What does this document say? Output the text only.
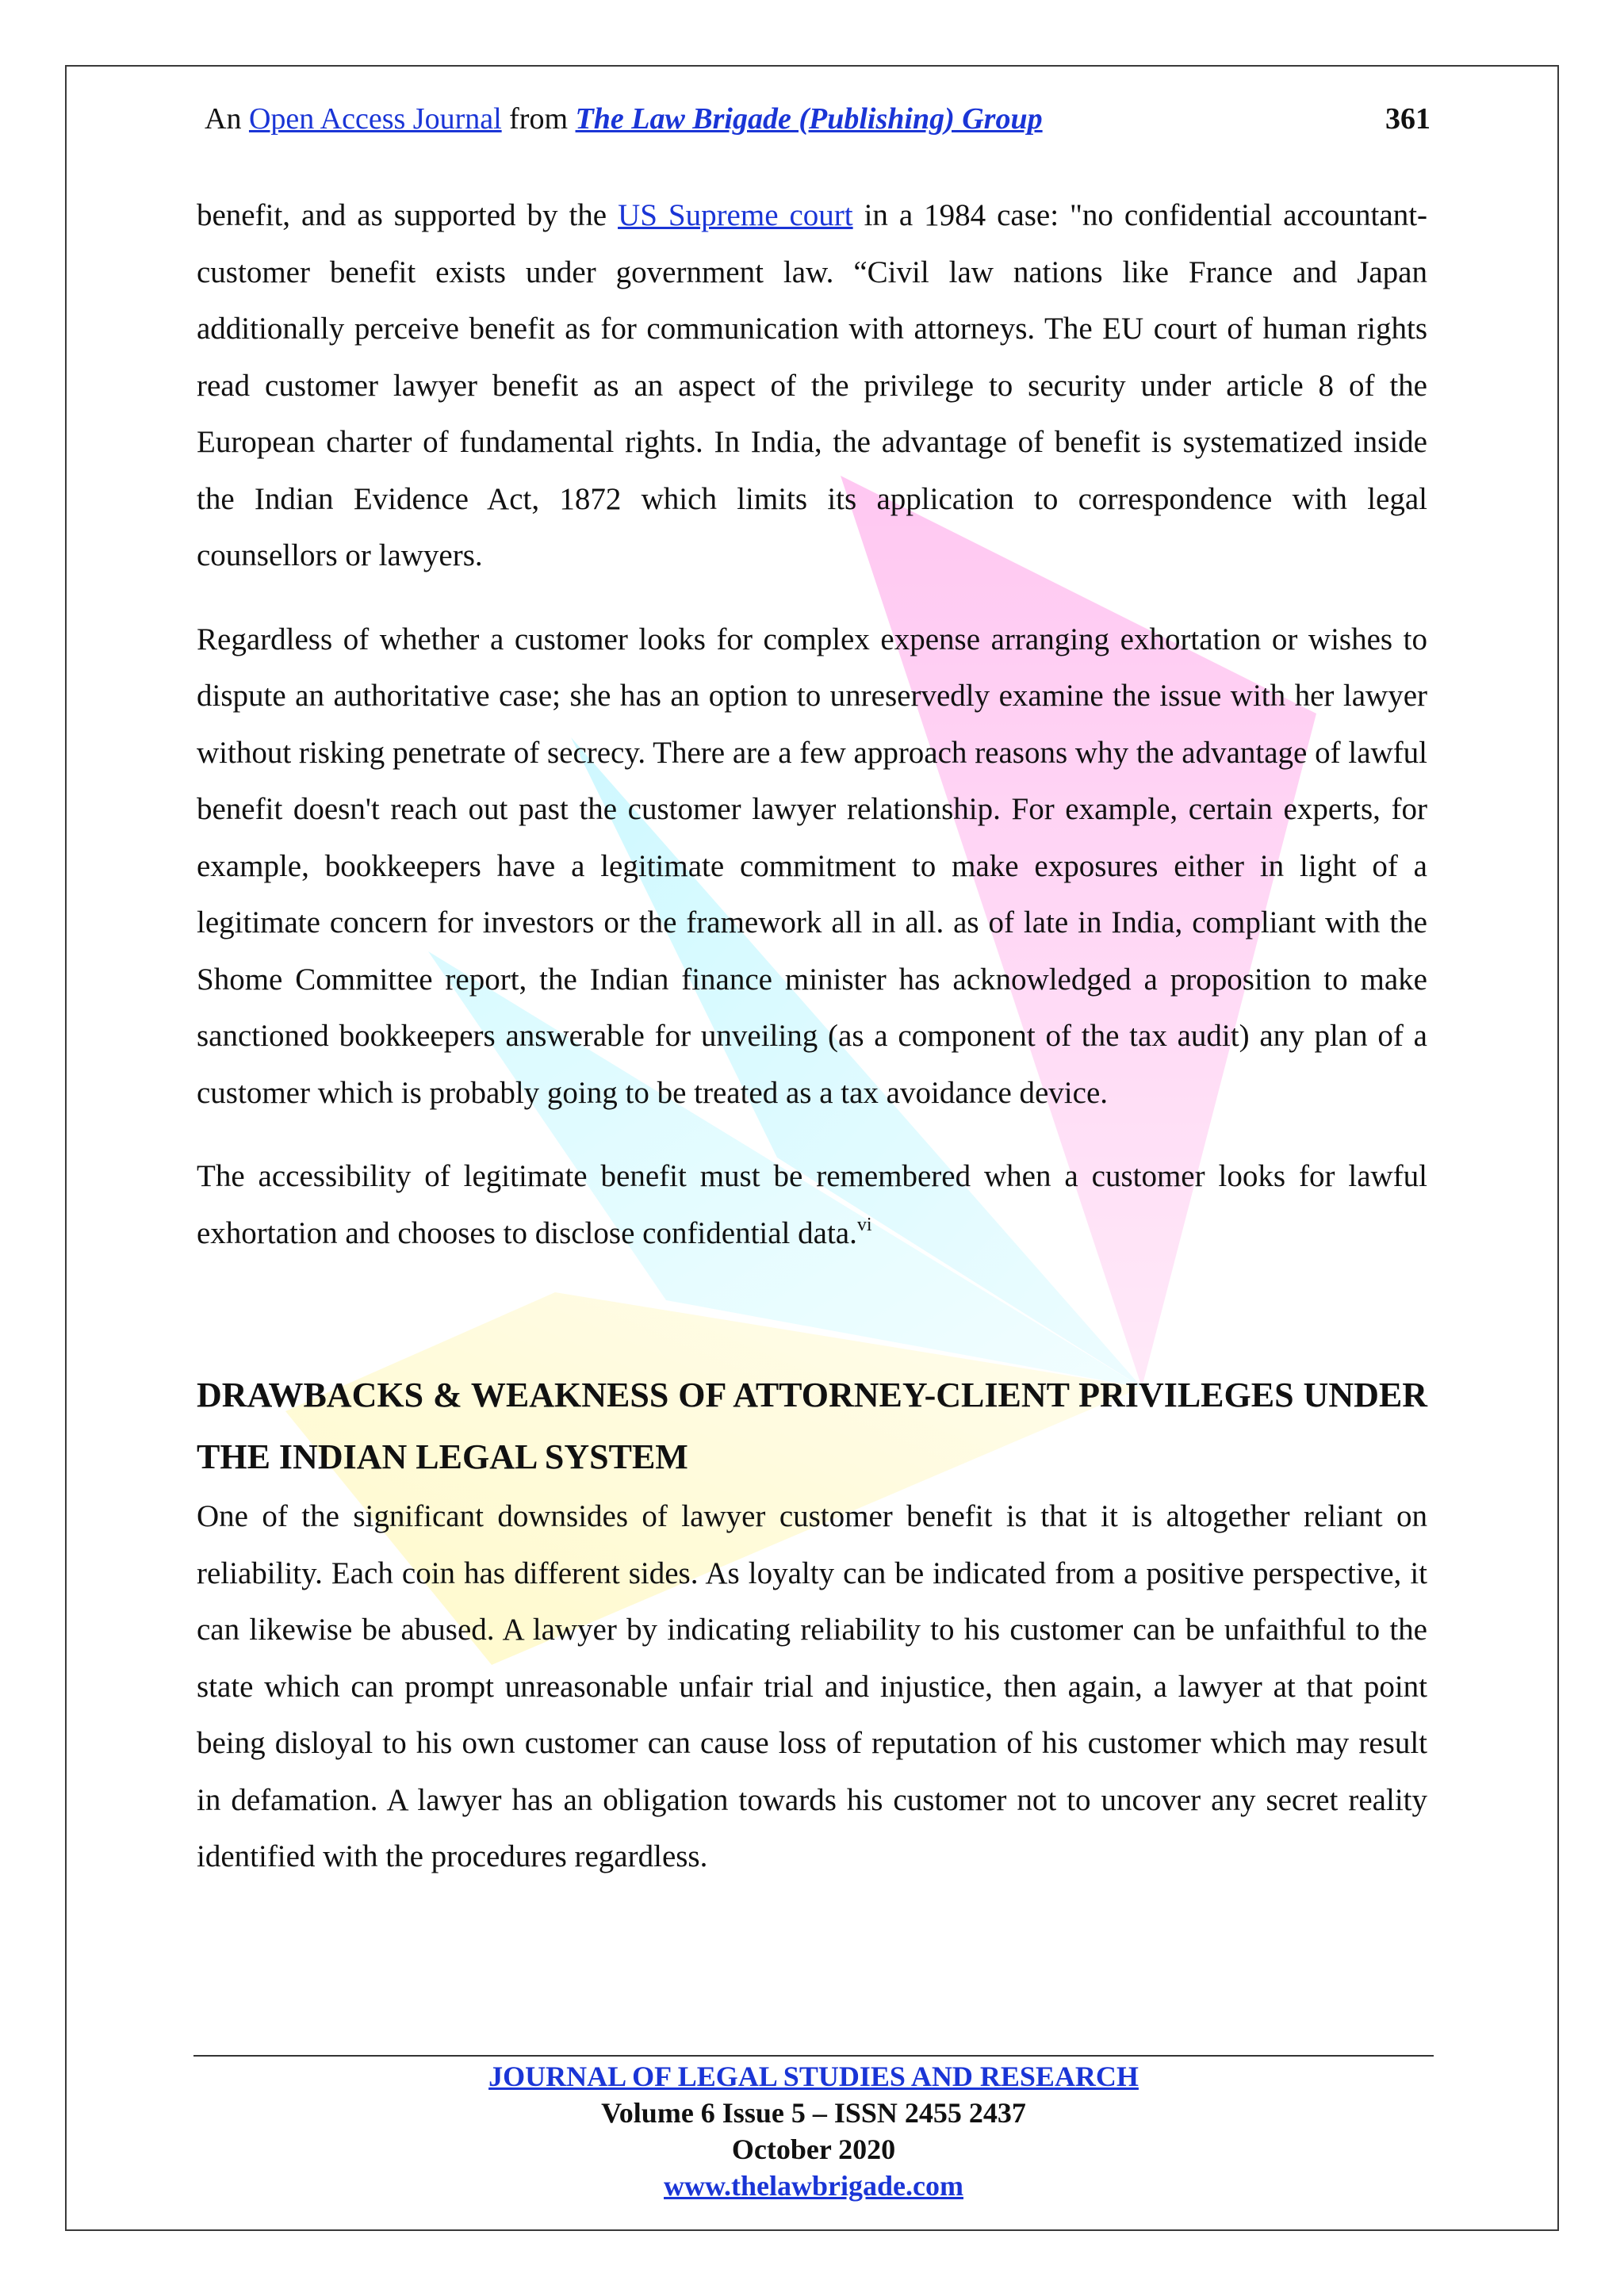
An Open Access Journal from The Law Brigade (Publishing) Group	361

benefit, and as supported by the US Supreme court in a 1984 case: "no confidential accountant-customer benefit exists under government law. “Civil law nations like France and Japan additionally perceive benefit as for communication with attorneys. The EU court of human rights read customer lawyer benefit as an aspect of the privilege to security under article 8 of the European charter of fundamental rights. In India, the advantage of benefit is systematized inside the Indian Evidence Act, 1872 which limits its application to correspondence with legal counsellors or lawyers.

Regardless of whether a customer looks for complex expense arranging exhortation or wishes to dispute an authoritative case; she has an option to unreservedly examine the issue with her lawyer without risking penetrate of secrecy. There are a few approach reasons why the advantage of lawful benefit doesn't reach out past the customer lawyer relationship. For example, certain experts, for example, bookkeepers have a legitimate commitment to make exposures either in light of a legitimate concern for investors or the framework all in all. as of late in India, compliant with the Shome Committee report, the Indian finance minister has acknowledged a proposition to make sanctioned bookkeepers answerable for unveiling (as a component of the tax audit) any plan of a customer which is probably going to be treated as a tax avoidance device.

The accessibility of legitimate benefit must be remembered when a customer looks for lawful exhortation and chooses to disclose confidential data.$^{vi}$

DRAWBACKS & WEAKNESS OF ATTORNEY-CLIENT PRIVILEGES UNDER THE INDIAN LEGAL SYSTEM

One of the significant downsides of lawyer customer benefit is that it is altogether reliant on reliability. Each coin has different sides. As loyalty can be indicated from a positive perspective, it can likewise be abused. A lawyer by indicating reliability to his customer can be unfaithful to the state which can prompt unreasonable unfair trial and injustice, then again, a lawyer at that point being disloyal to his own customer can cause loss of reputation of his customer which may result in defamation. A lawyer has an obligation towards his customer not to uncover any secret reality identified with the procedures regardless.

JOURNAL OF LEGAL STUDIES AND RESEARCH
Volume 6 Issue 5 – ISSN 2455 2437
October 2020
www.thelawbrigade.com
